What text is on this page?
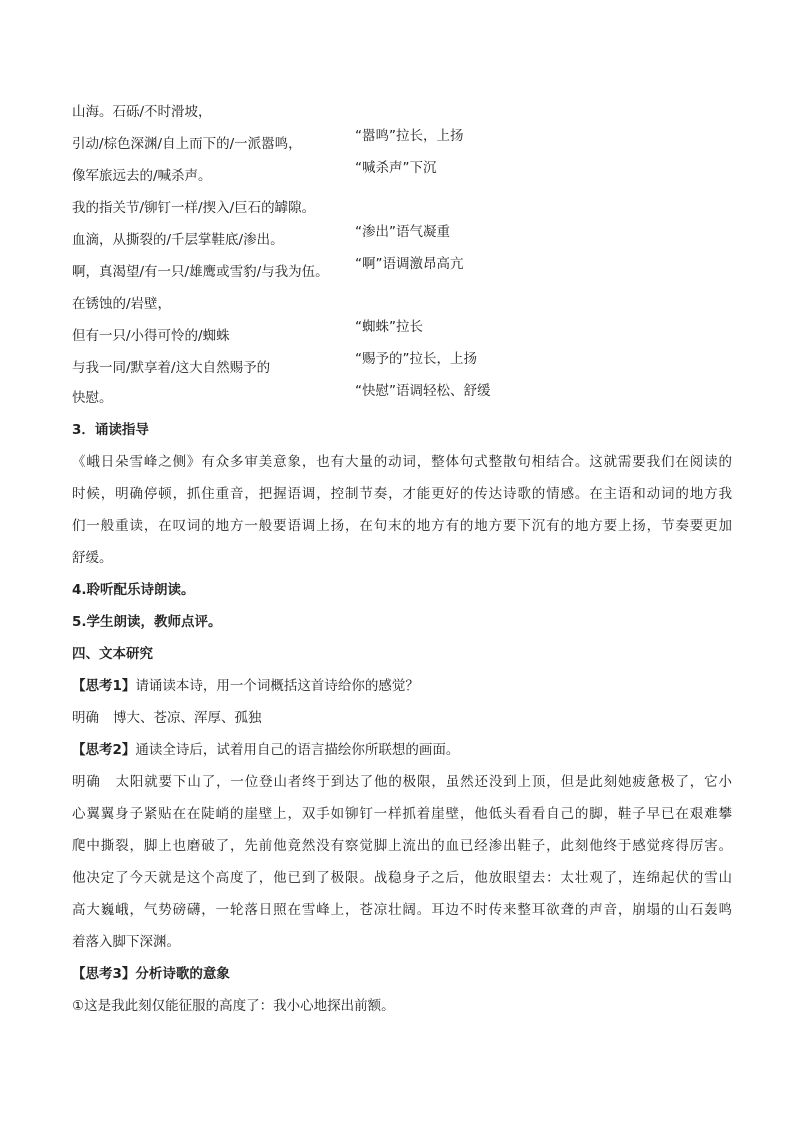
山海。石砾/不时滑坡，
引动/棕色深渊/自上而下的/一派嚣鸣，
像军旅远去的/喊杀声。
我的指关节/铆钉一样/揳入/巨石的罅隙。
血滴，从撕裂的/千层掌鞋底/渗出。
啊，真渴望/有一只/雄鹰或雪豹/与我为伍。
在锈蚀的/岩壁，
但有一只/小得可怜的/蜘蛛
与我一同/默享着/这大自然赐予的
快慰。
“嚣鸣”拉长，上扬
“喊杀声”下沉
“渗出”语气凝重
“啊”语调激昂高亢
“蜘蛛”拉长
“赐予的”拉长，上扬
“快慰”语调轻松、舒缓
3．诵读指导
《峨日朵雪峰之侧》有众多审美意象，也有大量的动词，整体句式整散句相结合。这就需要我们在阅读的
时候，明确停顿，抓住重音，把握语调，控制节奏，才能更好的传达诗歌的情感。在主语和动词的地方我
们一般重读，在叹词的地方一般要语调上扬，在句末的地方有的地方要下沉有的地方要上扬，节奏要更加
舒缓。
4.聆听配乐诗朗读。
5.学生朗读，教师点评。
四、文本研究
【思考1】请诵读本诗，用一个词概括这首诗给你的感觉？
明确 博大、苍凉、浑厚、孤独
【思考2】通读全诗后，试着用自己的语言描绘你所联想的画面。
明确 太阳就要下山了，一位登山者终于到达了他的极限，虽然还没到上顶，但是此刻她疲惫极了，它小
心翼翼身子紧贴在在陡峭的崖壁上，双手如铆钉一样抓着崖壁，他低头看看自己的脚，鞋子早已在艰难攀
爬中撕裂，脚上也磨破了，先前他竟然没有察觉脚上流出的血已经渗出鞋子，此刻他终于感觉疼得厉害。
他决定了今天就是这个高度了，他已到了极限。战稳身子之后，他放眼望去：太壮观了，连绵起伏的雪山
高大巍峨，气势磅礴，一轮落日照在雪峰上，苍凉壮阔。耳边不时传来整耳欲聋的声音，崩塌的山石轰鸣
着落入脚下深渊。
【思考3】分析诗歌的意象
①这是我此刻仅能征服的高度了：我小心地探出前额。
